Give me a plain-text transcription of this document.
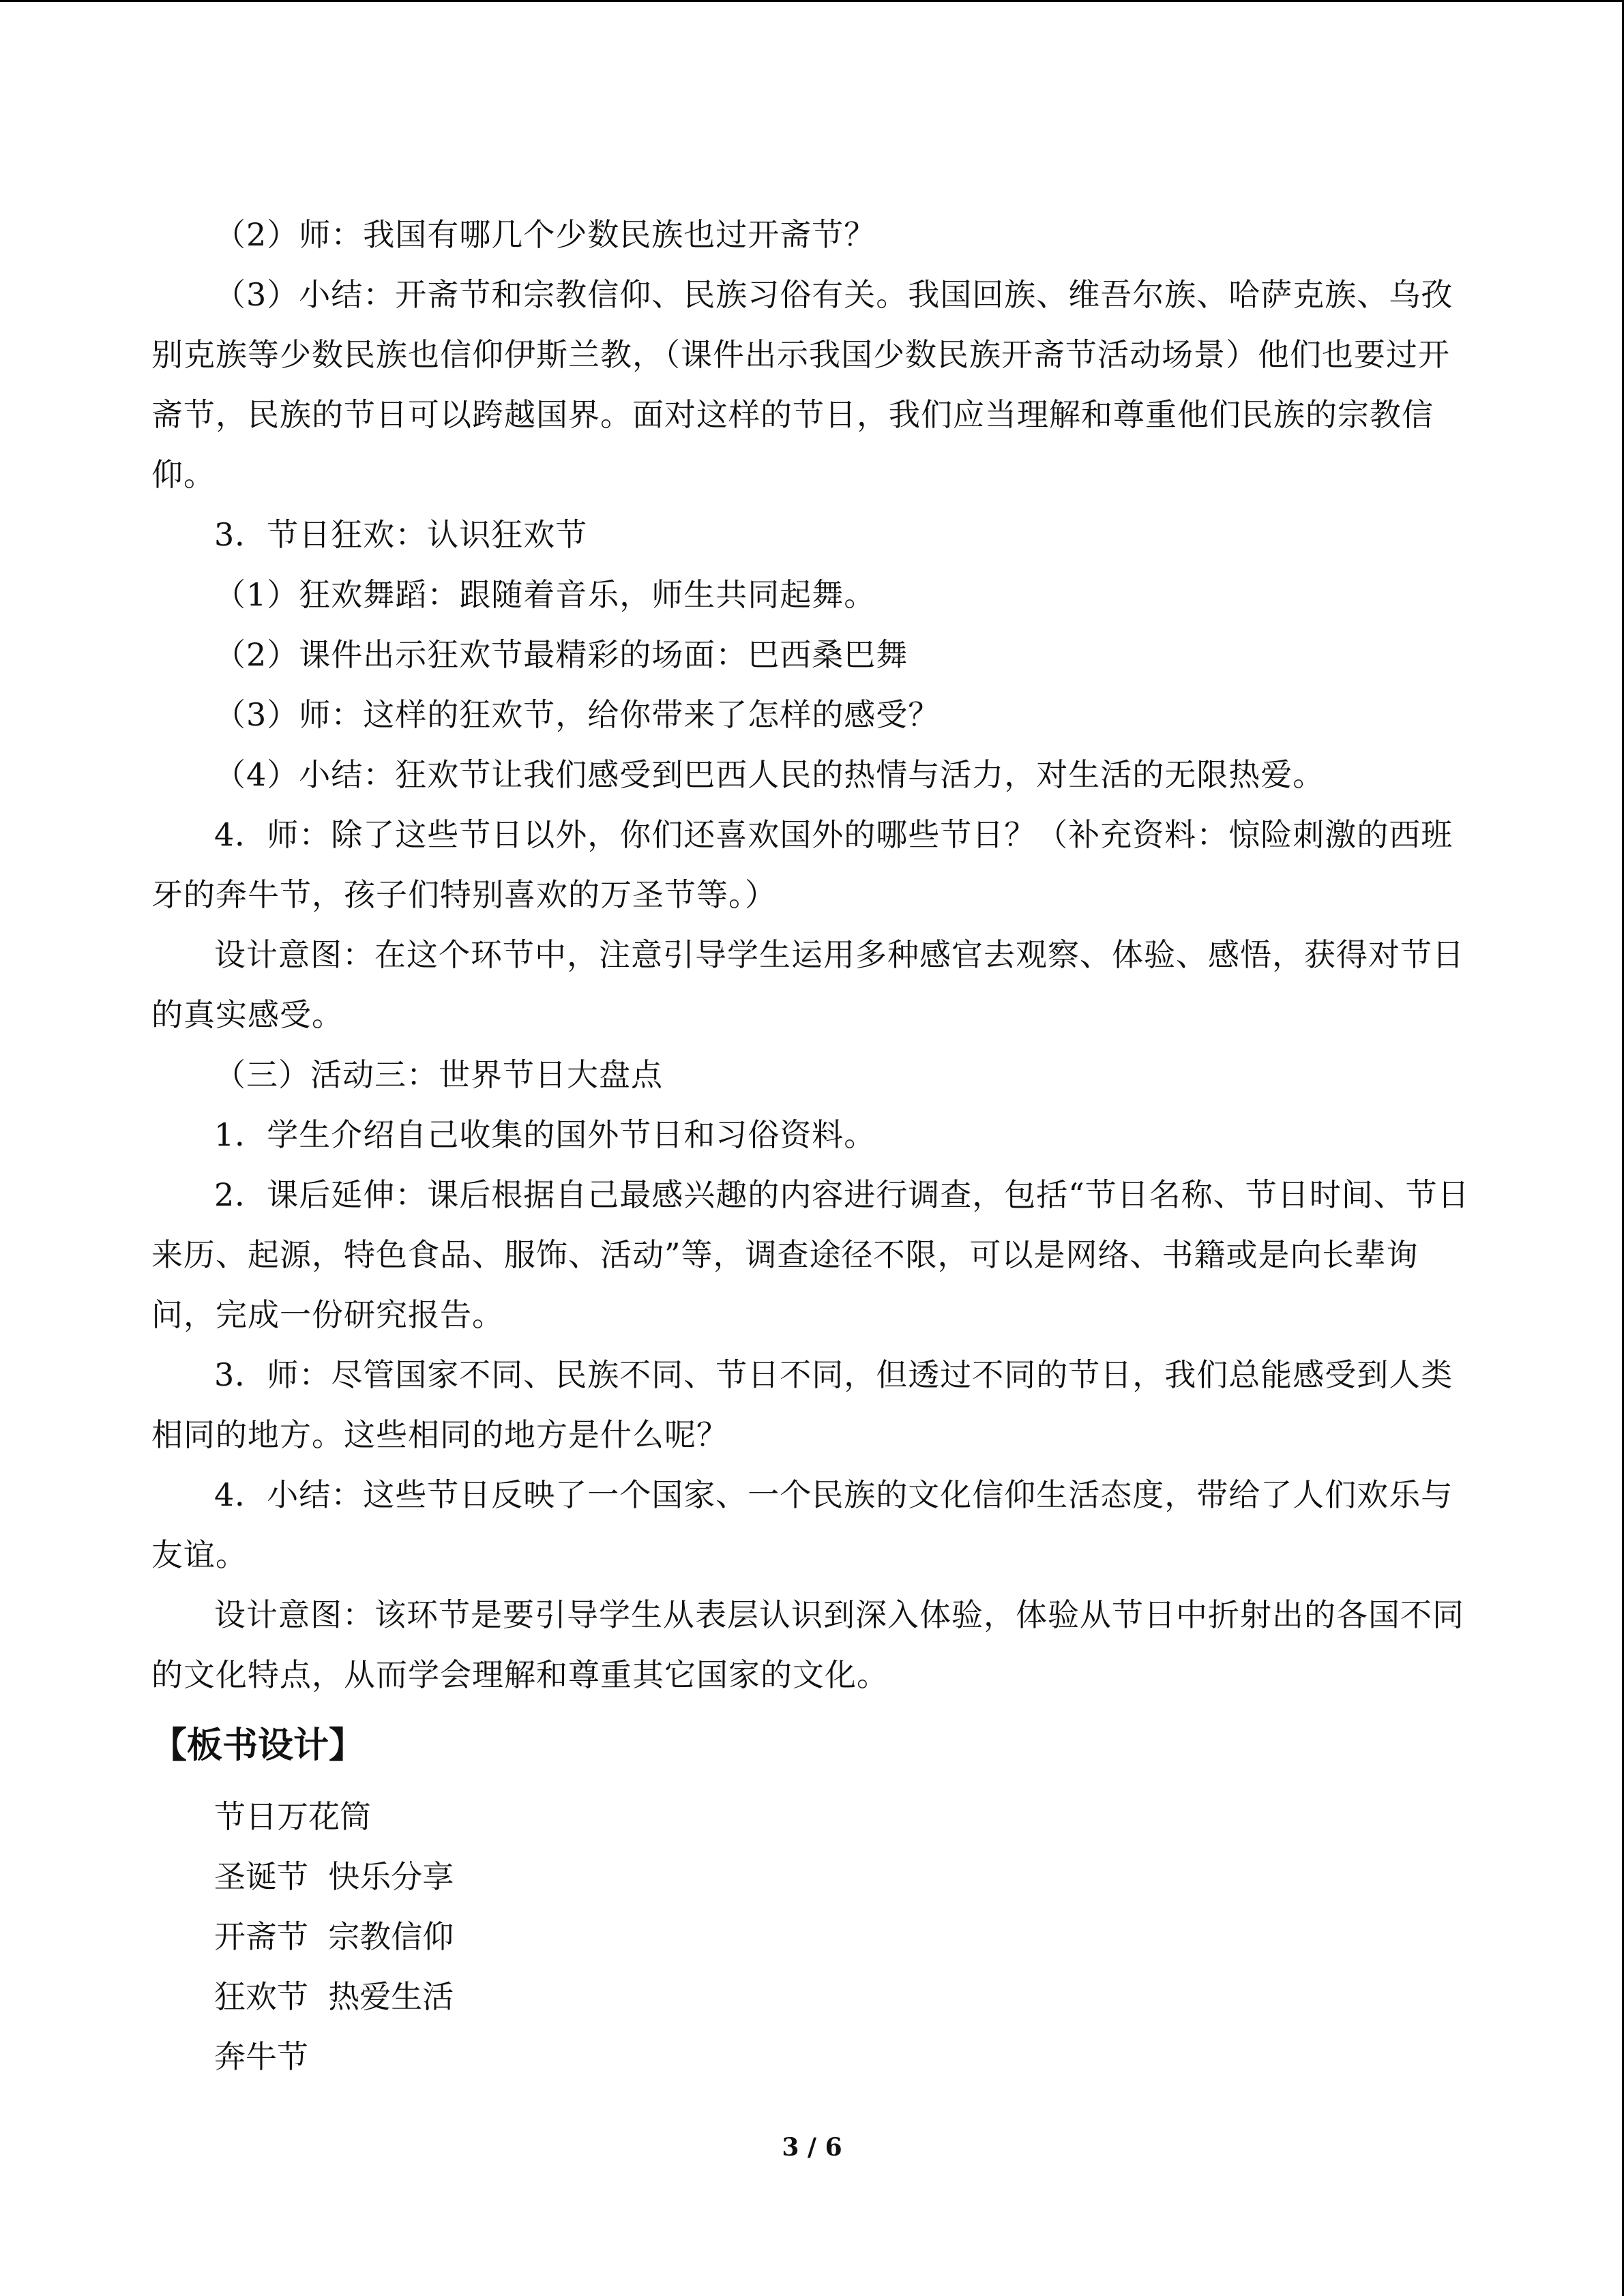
（2）师：我国有哪几个少数民族也过开斋节？

（3）小结：开斋节和宗教信仰、民族习俗有关。我国回族、维吾尔族、哈萨克族、乌孜别克族等少数民族也信仰伊斯兰教，（课件出示我国少数民族开斋节活动场景）他们也要过开斋节，民族的节日可以跨越国界。面对这样的节日，我们应当理解和尊重他们民族的宗教信仰。

3．节日狂欢：认识狂欢节

（1）狂欢舞蹈：跟随着音乐，师生共同起舞。

（2）课件出示狂欢节最精彩的场面：巴西桑巴舞

（3）师：这样的狂欢节，给你带来了怎样的感受？

（4）小结：狂欢节让我们感受到巴西人民的热情与活力，对生活的无限热爱。

4．师：除了这些节日以外，你们还喜欢国外的哪些节日？（补充资料：惊险刺激的西班牙的奔牛节，孩子们特别喜欢的万圣节等。）

设计意图：在这个环节中，注意引导学生运用多种感官去观察、体验、感悟，获得对节日的真实感受。

（三）活动三：世界节日大盘点

1．学生介绍自己收集的国外节日和习俗资料。

2．课后延伸：课后根据自己最感兴趣的内容进行调查，包括“节日名称、节日时间、节日来历、起源，特色食品、服饰、活动”等，调查途径不限，可以是网络、书籍或是向长辈询问，完成一份研究报告。

3．师：尽管国家不同、民族不同、节日不同，但透过不同的节日，我们总能感受到人类相同的地方。这些相同的地方是什么呢？

4．小结：这些节日反映了一个国家、一个民族的文化信仰生活态度，带给了人们欢乐与友谊。

设计意图：该环节是要引导学生从表层认识到深入体验，体验从节日中折射出的各国不同的文化特点，从而学会理解和尊重其它国家的文化。

【板书设计】

节日万花筒

圣诞节  快乐分享

开斋节  宗教信仰

狂欢节  热爱生活

奔牛节

3 / 6
